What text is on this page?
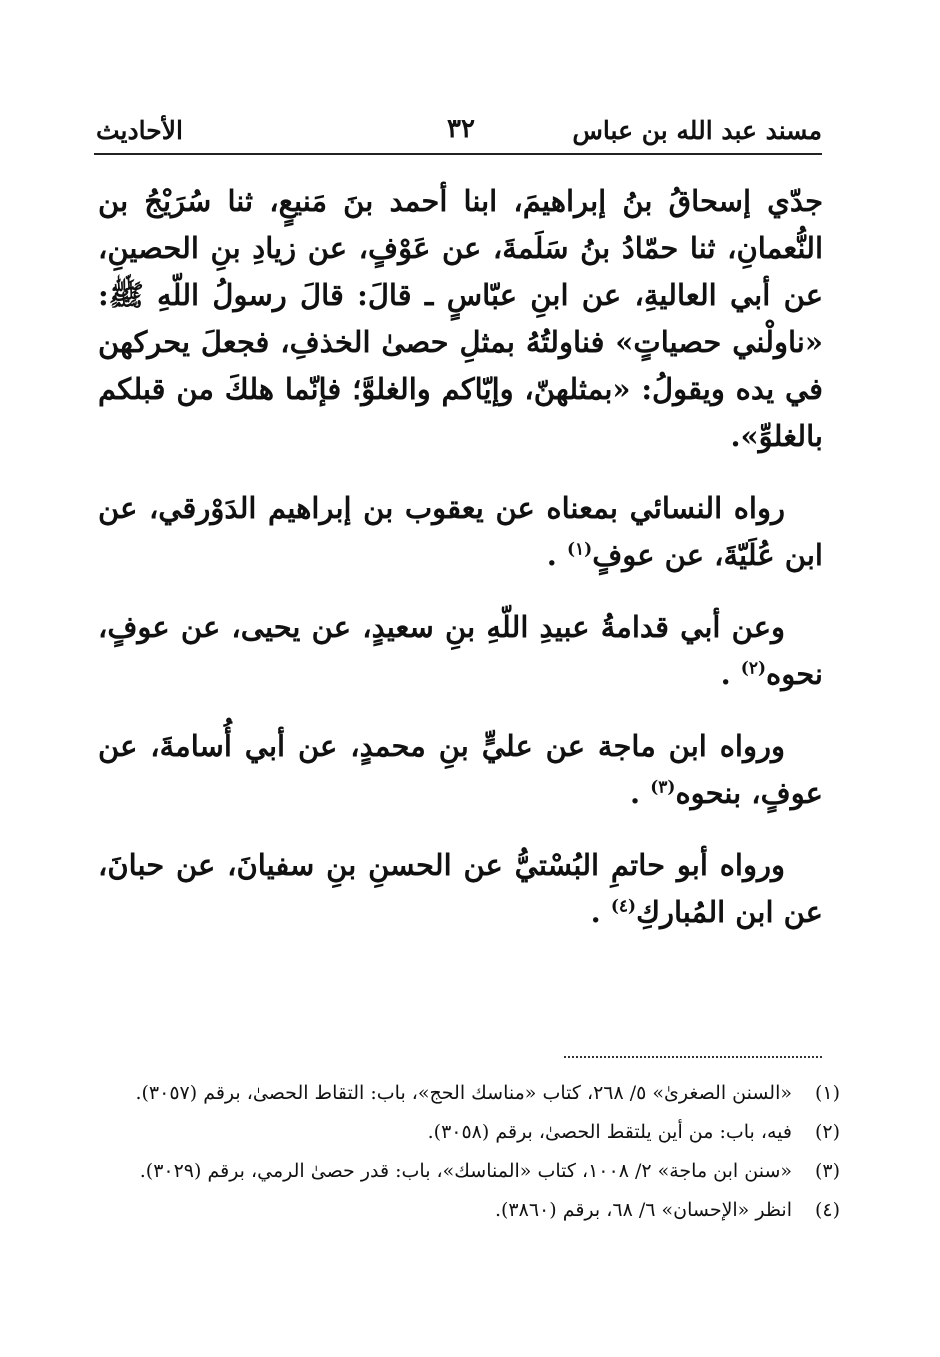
مسند عبد الله بن عباس
٣٢
الأحاديث

جدّي إسحاقُ بنُ إبراهيمَ، ابنا أحمد بنَ مَنيعٍ، ثنا سُرَيْجُ بن النُّعمانِ، ثنا حمّادُ بنُ سَلَمةَ، عن عَوْفٍ، عن زيادِ بنِ الحصينِ، عن أبي العاليةِ، عن ابنِ عبّاسٍ ـ قالَ: قالَ رسولُ اللّهِ ﷺ: «ناولْني حصياتٍ» فناولتُهُ بمثلِ حصىٰ الخذفِ، فجعلَ يحركهن في يده ويقولُ: «بمثلهنّ، وإيّاكم والغلوَّ؛ فإنّما هلكَ من قبلكم بالغلوِّ».

رواه النسائي بمعناه عن يعقوب بن إبراهيم الدَوْرقي، عن ابن عُلَيّةَ، عن عوفٍ$^{(١)}$ .

وعن أبي قدامةُ عبيدِ اللّهِ بنِ سعيدٍ، عن يحيى، عن عوفٍ، نحوه$^{(٢)}$ .

ورواه ابن ماجة عن عليٍّ بنِ محمدٍ، عن أبي أُسامةَ، عن عوفٍ، بنحوه$^{(٣)}$ .

ورواه أبو حاتمِ البُسْتيُّ عن الحسنِ بنِ سفيانَ، عن حبانَ، عن ابن المُباركِ$^{(٤)}$ .

(١)
«السنن الصغرىٰ» ٥/ ٢٦٨، كتاب «مناسك الحج»، باب: التقاط الحصىٰ، برقم (٣٠٥٧).
(٢)
فيه، باب: من أين يلتقط الحصىٰ، برقم (٣٠٥٨).
(٣)
«سنن ابن ماجة» ٢/ ١٠٠٨، كتاب «المناسك»، باب: قدر حصىٰ الرمي، برقم (٣٠٢٩).
(٤)
انظر «الإحسان» ٦/ ٦٨، برقم (٣٨٦٠).
